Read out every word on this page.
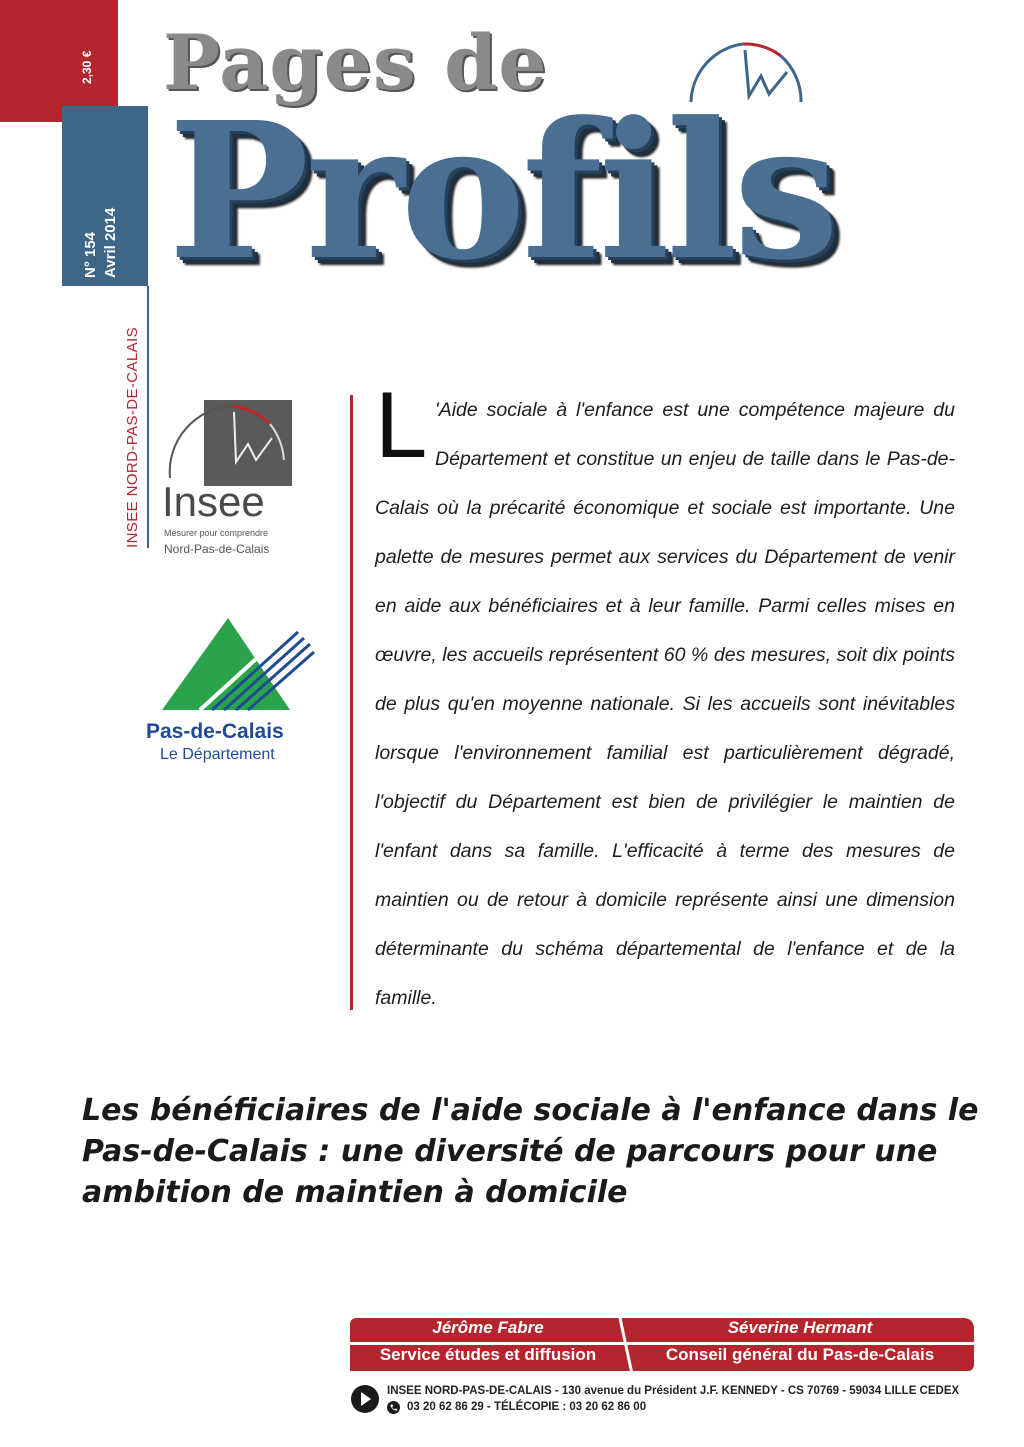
2,30 €
N° 154 Avril 2014
INSEE NORD-PAS-DE-CALAIS
Pages de
Profils
Insee
Mesurer pour comprendre
Nord-Pas-de-Calais
Pas-de-Calais
Le Département
L 'Aide sociale à l'enfance est une compétence majeure du Département et constitue un enjeu de taille dans le Pas-de-Calais où la précarité économique et sociale est importante. Une palette de mesures permet aux services du Département de venir en aide aux bénéficiaires et à leur famille. Parmi celles mises en œuvre, les accueils représentent 60 % des mesures, soit dix points de plus qu'en moyenne nationale. Si les accueils sont inévitables lorsque l'environnement familial est particulièrement dégradé, l'objectif du Département est bien de privilégier le maintien de l'enfant dans sa famille. L'efficacité à terme des mesures de maintien ou de retour à domicile représente ainsi une dimension déterminante du schéma départemental de l'enfance et de la famille.
Les bénéficiaires de l'aide sociale à l'enfance dans le Pas-de-Calais : une diversité de parcours pour une ambition de maintien à domicile
Jérôme Fabre
Service études et diffusion
Séverine Hermant
Conseil général du Pas-de-Calais
INSEE NORD-PAS-DE-CALAIS - 130 avenue du Président J.F. KENNEDY - CS 70769 - 59034 LILLE CEDEX
03 20 62 86 29 - TÉLÉCOPIE : 03 20 62 86 00
